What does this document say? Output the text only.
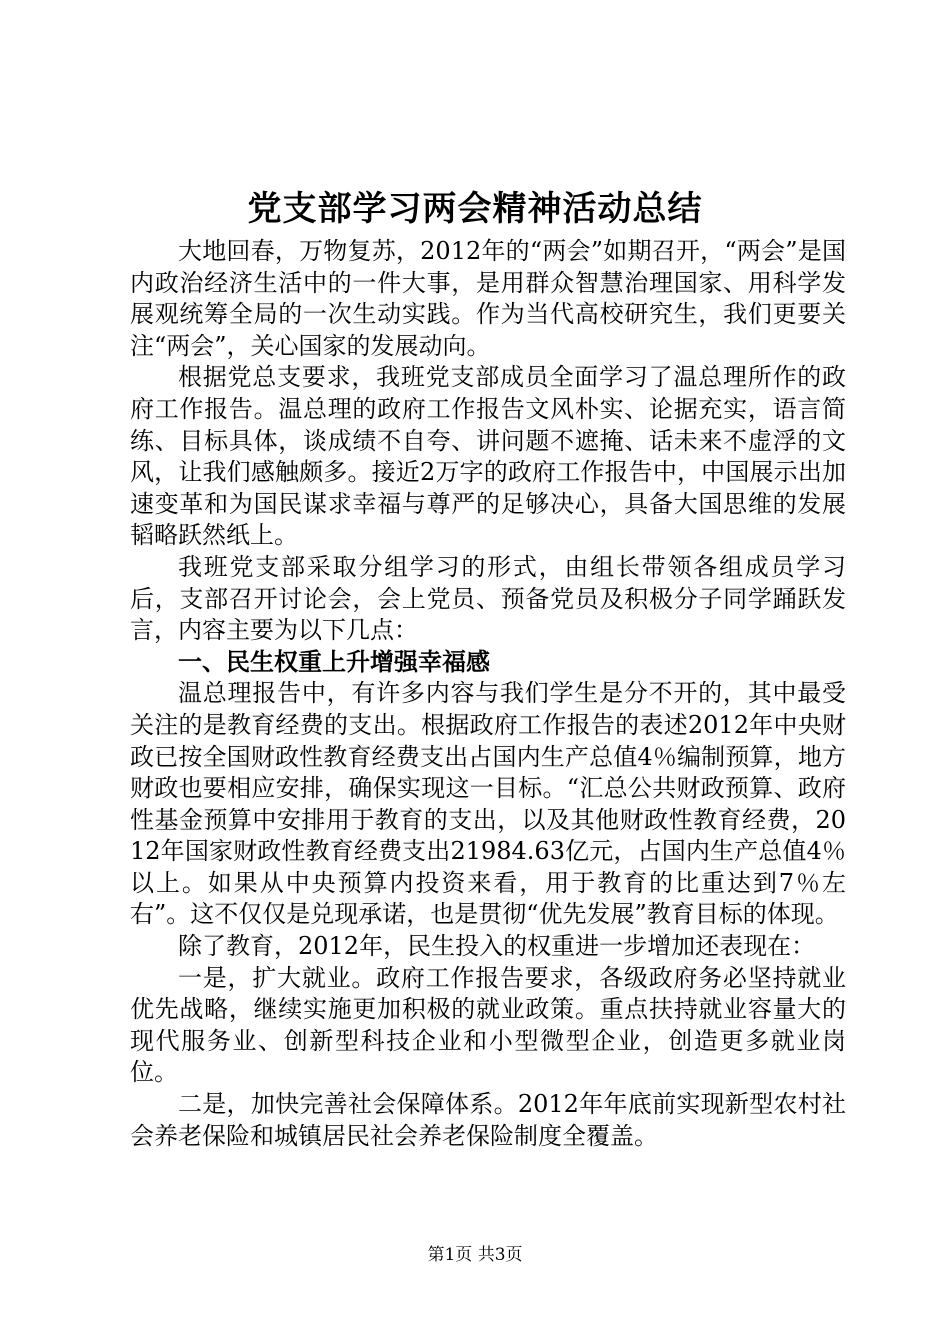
党支部学习两会精神活动总结

大地回春，万物复苏，2012年的“两会”如期召开，“两会”是国内政治经济生活中的一件大事，是用群众智慧治理国家、用科学发展观统筹全局的一次生动实践。作为当代高校研究生，我们更要关注“两会”，关心国家的发展动向。

根据党总支要求，我班党支部成员全面学习了温总理所作的政府工作报告。温总理的政府工作报告文风朴实、论据充实，语言简练、目标具体，谈成绩不自夸、讲问题不遮掩、话未来不虚浮的文风，让我们感触颇多。接近2万字的政府工作报告中，中国展示出加速变革和为国民谋求幸福与尊严的足够决心，具备大国思维的发展韬略跃然纸上。

我班党支部采取分组学习的形式，由组长带领各组成员学习后，支部召开讨论会，会上党员、预备党员及积极分子同学踊跃发言，内容主要为以下几点：

一、民生权重上升增强幸福感

温总理报告中，有许多内容与我们学生是分不开的，其中最受关注的是教育经费的支出。根据政府工作报告的表述2012年中央财政已按全国财政性教育经费支出占国内生产总值4％编制预算，地方财政也要相应安排，确保实现这一目标。“汇总公共财政预算、政府性基金预算中安排用于教育的支出，以及其他财政性教育经费，2012年国家财政性教育经费支出21984.63亿元，占国内生产总值4％以上。如果从中央预算内投资来看，用于教育的比重达到7％左右”。这不仅仅是兑现承诺，也是贯彻“优先发展”教育目标的体现。

除了教育，2012年，民生投入的权重进一步增加还表现在：

一是，扩大就业。政府工作报告要求，各级政府务必坚持就业优先战略，继续实施更加积极的就业政策。重点扶持就业容量大的现代服务业、创新型科技企业和小型微型企业，创造更多就业岗位。

二是，加快完善社会保障体系。2012年年底前实现新型农村社会养老保险和城镇居民社会养老保险制度全覆盖。

第1页 共3页
